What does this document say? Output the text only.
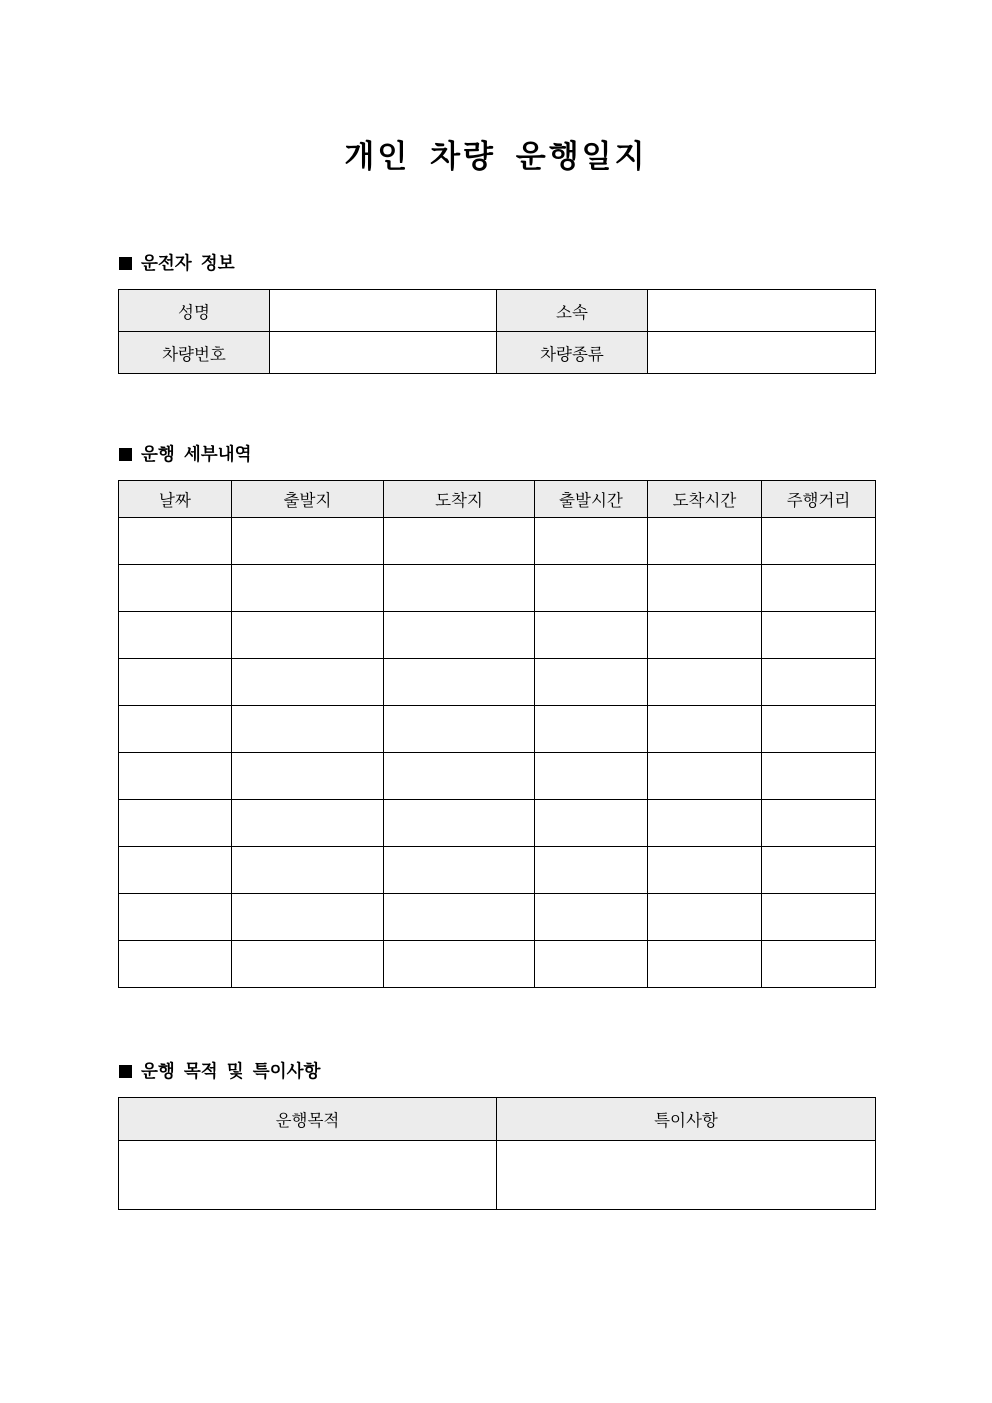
개인 차량 운행일지
운전자 정보
성명		소속	
차량번호		차량종류	
운행 세부내역
날짜	출발지	도착지	출발시간	도착시간	주행거리

운행 목적 및 특이사항
운행목적	특이사항
